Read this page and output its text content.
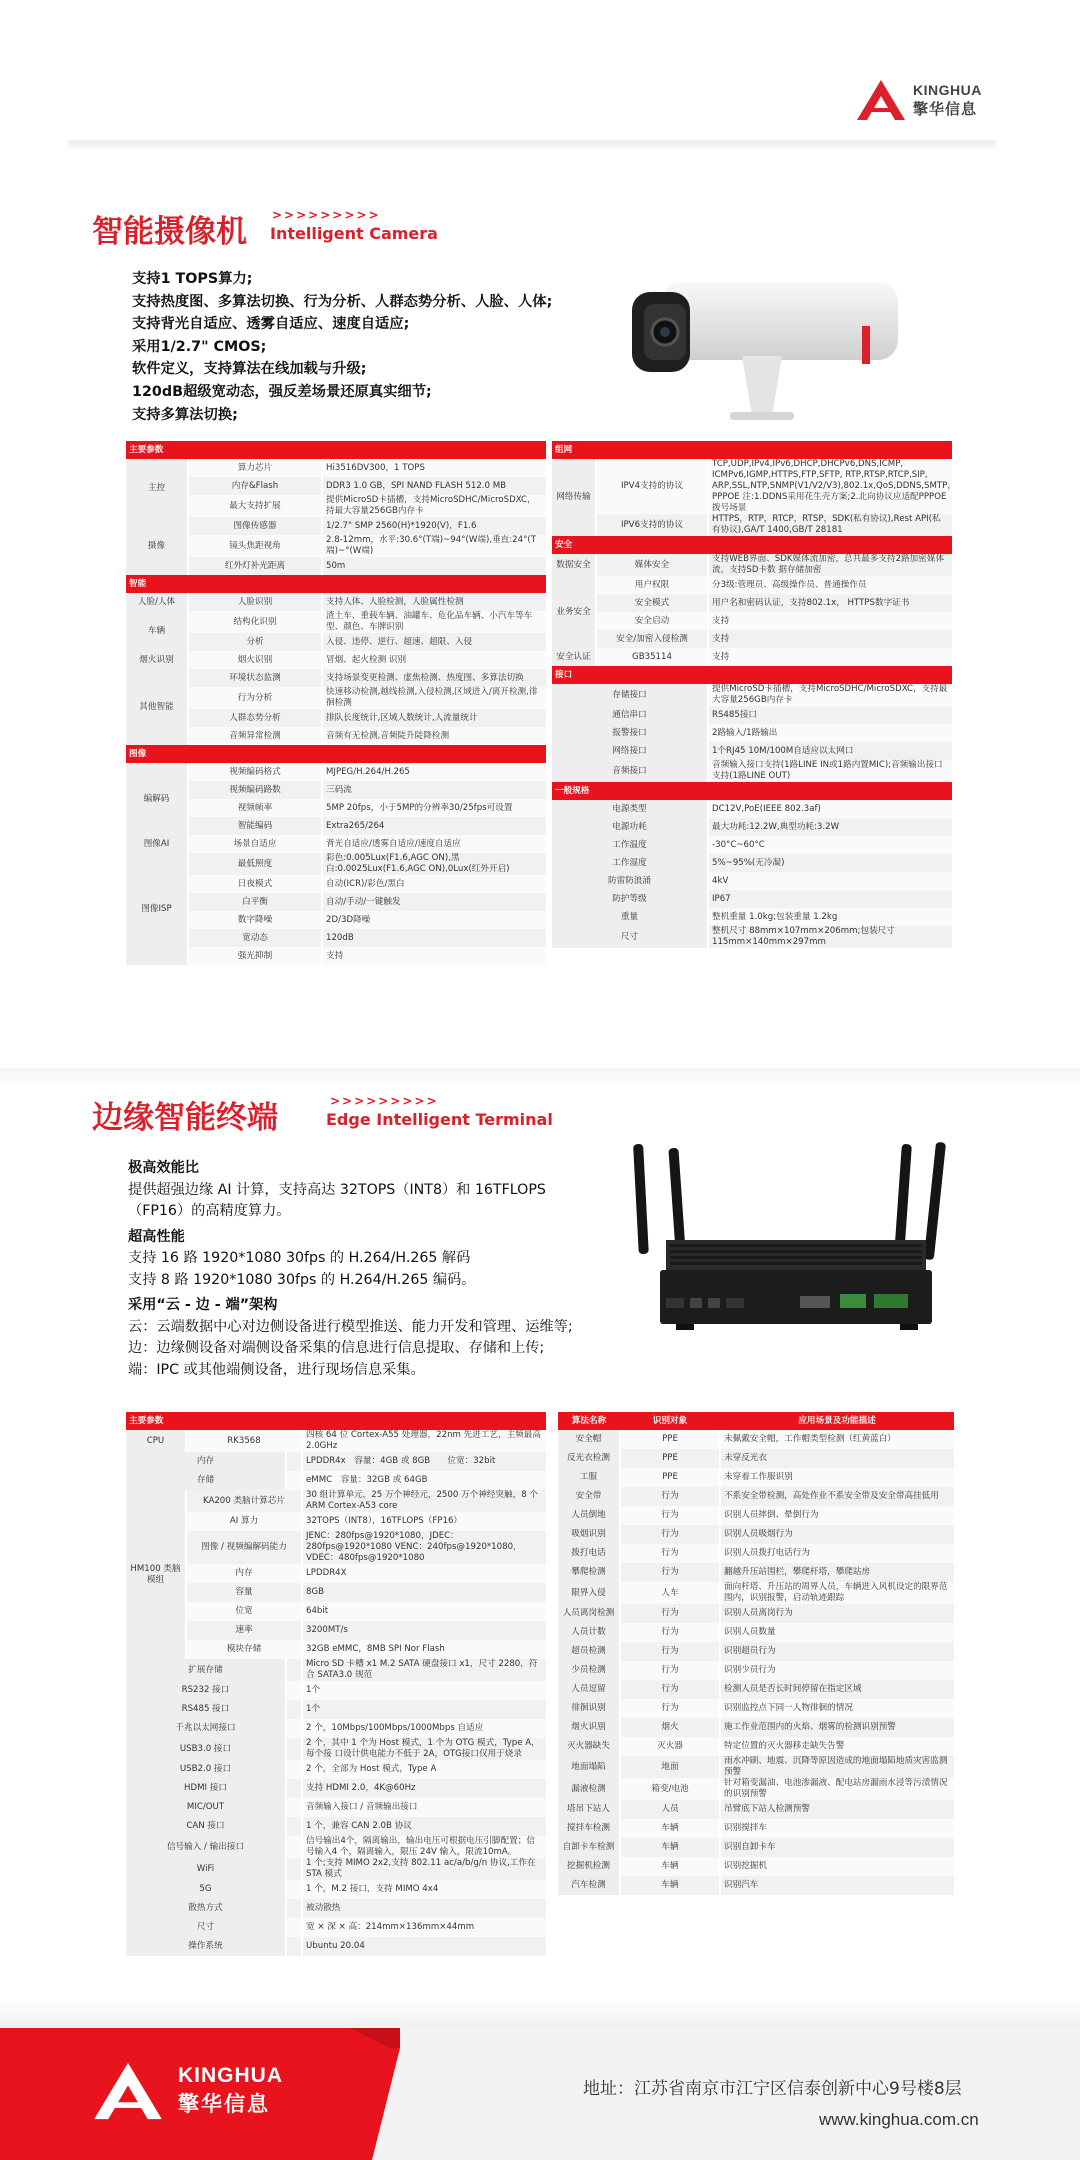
KINGHUA
擎华信息
智能摄像机 >>>>>>>>>
Intelligent Camera
支持1 TOPS算力;
支持热度图、多算法切换、行为分析、人群态势分析、人脸、人体;
支持背光自适应、透雾自适应、速度自适应;
采用1/2.7" CMOS;
软件定义，支持算法在线加载与升级;
120dB超级宽动态，强反差场景还原真实细节;
支持多算法切换;
主要参数		
主控	算力芯片	Hi3516DV300，1 TOPS
	内存&Flash	DDR3 1.0 GB，SPI NAND FLASH 512.0 MB
	最大支持扩展	提供MicroSD卡插槽，支持MicroSDHC/MicroSDXC，持最大容量256GB内存卡
摄像	图像传感器	1/2.7" SMP 2560(H)*1920(V)，F1.6
	镜头焦距视角	2.8-12mm，水平:30.6°(T端)~94°(W端),垂直:24°(T端)~°(W端)
	红外灯补光距离	50m
智能		
人脸/人体	人脸识别	支持人体、人脸检测，人脸属性检测
车辆	结构化识别	渣土车、重载车辆、油罐车、危化品车辆、小汽车等车型、颜色、车牌识别
	分析	入侵、违停、逆行、超速、超限、入侵
烟火识别	烟火识别	冒烟、起火检测 识别
其他智能	环境状态监测	支持场景变更检测、虚焦检测、热度图、多算法切换
	行为分析	快速移动检测,越线检测,入侵检测,区域进入/离开检测,徘徊检测
	人群态势分析	排队长度统计,区域人数统计,人流量统计
	音频异常检测	音频有无检测,音频陡升陡降检测
图像		
编解码	视频编码格式	MJPEG/H.264/H.265
	视频编码路数	三码流
	视频帧率	5MP 20fps，小于5MP的分辨率30/25fps可设置
	智能编码	Extra265/264
图像AI	场景自适应	背光自适应/透雾自适应/速度自适应
图像ISP	最低照度	彩色:0.005Lux(F1.6,AGC ON),黑白:0.0025Lux(F1.6,AGC ON),0Lux(红外开启)
	日夜模式	自动(ICR)/彩色/黑白
	白平衡	自动/手动/一键触发
	数字降噪	2D/3D降噪
	宽动态	120dB
	强光抑制	支持
组网		
网络传输	IPV4支持的协议	TCP,UDP,IPv4,IPv6,DHCP,DHCPv6,DNS,ICMP, ICMPv6,IGMP,HTTPS,FTP,SFTP, RTP,RTSP,RTCP,SIP, ARP,SSL,NTP,SNMP(V1/V2/V3),802.1x,QoS,DDNS,SMTP，PPPOE 注:1.DDNS采用花生壳方案;2.北向协议应适配PPPOE拨号场景
	IPV6支持的协议	HTTPS，RTP，RTCP，RTSP，SDK(私有协议),Rest API(私有协议),GA/T 1400,GB/T 28181
安全		
数据安全	媒体安全	支持WEB界面、SDK媒体流加密，总共最多支持2路加密媒体流，支持SD卡数 据存储加密
业务安全	用户权限	分3级:管理员、高级操作员、普通操作员
	安全模式	用户名和密码认证，支持802.1x， HTTPS数字证书
	安全启动	支持
	安全/加密入侵检测	支持
安全认证	GB35114	支持
接口		
存储接口		提供MicroSD卡插槽，支持MicroSDHC/MicroSDXC，支持最大容量256GB内存卡
通信串口		RS485接口
报警接口		2路输入/1路输出
网络接口		1个RJ45 10M/100M自适应以太网口
音频接口		音频输入接口支持(1路LINE IN或1路内置MIC);音频输出接口支持(1路LINE OUT)
一般规格		
电源类型		DC12V,PoE(IEEE 802.3af)
电源功耗		最大功耗:12.2W,典型功耗:3.2W
工作温度		-30°C~60°C
工作湿度		5%~95%(无冷凝)
防雷防浪涌		4kV
防护等级		IP67
重量		整机重量 1.0kg;包装重量 1.2kg
尺寸		整机尺寸 88mm×107mm×206mm;包装尺寸 115mm×140mm×297mm
边缘智能终端	>>>>>>>>>
Edge Intelligent Terminal
极高效能比
提供超强边缘 AI 计算，支持高达 32TOPS（INT8）和 16TFLOPS
（FP16）的高精度算力。
超高性能
支持 16 路 1920*1080 30fps 的 H.264/H.265 解码
支持 8 路 1920*1080 30fps 的 H.264/H.265 编码。
采用“云 - 边 - 端”架构
云：云端数据中心对边侧设备进行模型推送、能力开发和管理、运维等;
边：边缘侧设备对端侧设备采集的信息进行信息提取、存储和上传;
端：IPC 或其他端侧设备，进行现场信息采集。
主要参数			
CPU	RK3568		四核 64 位 Cortex-A55 处理器，22nm 先进工艺，主频最高 2.0GHz
内存			LPDDR4x　容量：4GB 或 8GB　　位宽：32bit
存储			eMMC　容量：32GB 或 64GB
HM100 类脑模组	KA200 类脑计算芯片		30 组计算单元，25 万个神经元，2500 万个神经突触，8 个ARM Cortex-A53 core
	AI 算力		32TOPS（INT8），16TFLOPS（FP16）
	图像 / 视频编解码能力		JENC：280fps@1920*1080，JDEC：280fps@1920*1080 VENC：240fps@1920*1080，VDEC：480fps@1920*1080
	内存		LPDDR4X
	容量		8GB
	位宽		64bit
	速率		3200MT/s
	模块存储		32GB eMMC，8MB SPI Nor Flash
扩展存储			Micro SD 卡槽 x1 M.2 SATA 硬盘接口 x1，尺寸 2280，符合 SATA3.0 规范
RS232 接口			1个
RS485 接口			1个
千兆以太网接口			2 个，10Mbps/100Mbps/1000Mbps 自适应
USB3.0 接口			2 个，其中 1 个为 Host 模式，1 个为 OTG 模式，Type A，每个接 口设计供电能力不低于 2A，OTG接口仅用于烧录
USB2.0 接口			2 个，全部为 Host 模式，Type A
HDMI 接口			支持 HDMI 2.0，4K@60Hz
MIC/OUT			音频输入接口 / 音频输出接口
CAN 接口			1 个，兼容 CAN 2.0B 协议
信号输入 / 输出接口			信号输出4个，隔离输出，输出电压可根据电压引脚配置；信号输入4 个，隔离输入，限压 24V 输入，限流10mA。
WiFi			1 个;支持 MIMO 2x2,支持 802.11 ac/a/b/g/n 协议,工作在 STA 模式
5G			1 个，M.2 接口，支持 MIMO 4x4
散热方式			被动散热
尺寸			宽 × 深 × 高：214mm×136mm×44mm
操作系统			Ubuntu 20.04
算法名称	识别对象	应用场景及功能描述
安全帽	PPE	未佩戴安全帽，工作帽类型检测（红黄蓝白）
反光衣检测	PPE	未穿反光衣
工服	PPE	未穿着工作服识别
安全带	行为	不系安全带检测，高处作业不系安全带及安全带高挂低用
人员倒地	行为	识别人员摔倒、晕倒行为
吸烟识别	行为	识别人员吸烟行为
拨打电话	行为	识别人员拨打电话行为
攀爬检测	行为	翻越升压站围栏，攀爬杆塔，攀爬站房
限界入侵	人车	面向杆塔、升压站的周界人员，车辆进入风机设定的限界范围内，识别报警，启动轨迹跟踪
人员离岗检测	行为	识别人员离岗行为
人员计数	行为	识别人员数量
超员检测	行为	识别超员行为
少员检测	行为	识别少员行为
人员逗留	行为	检测人员是否长时间停留在指定区域
徘徊识别	行为	识别监控点下同一人物徘徊的情况
烟火识别	烟火	施工作业范围内的火焰、烟雾的检测识别预警
灭火器缺失	灭火器	特定位置的灭火器移走缺失告警
地面塌陷	地面	雨水冲刷、地震、沉降等原因造成的地面塌陷地质灾害监测预警
漏液检测	箱变/电池	针对箱变漏油、电池渗漏液、配电站房漏雨水浸等污渍情况的识别预警
塔吊下站人	人员	吊臂底下站人检测预警
搅拌车检测	车辆	识别搅拌车
自卸卡车检测	车辆	识别自卸卡车
挖掘机检测	车辆	识别挖掘机
汽车检测	车辆	识别汽车
KINGHUA
擎华信息
地址：江苏省南京市江宁区信泰创新中心9号楼8层
www.kinghua.com.cn
